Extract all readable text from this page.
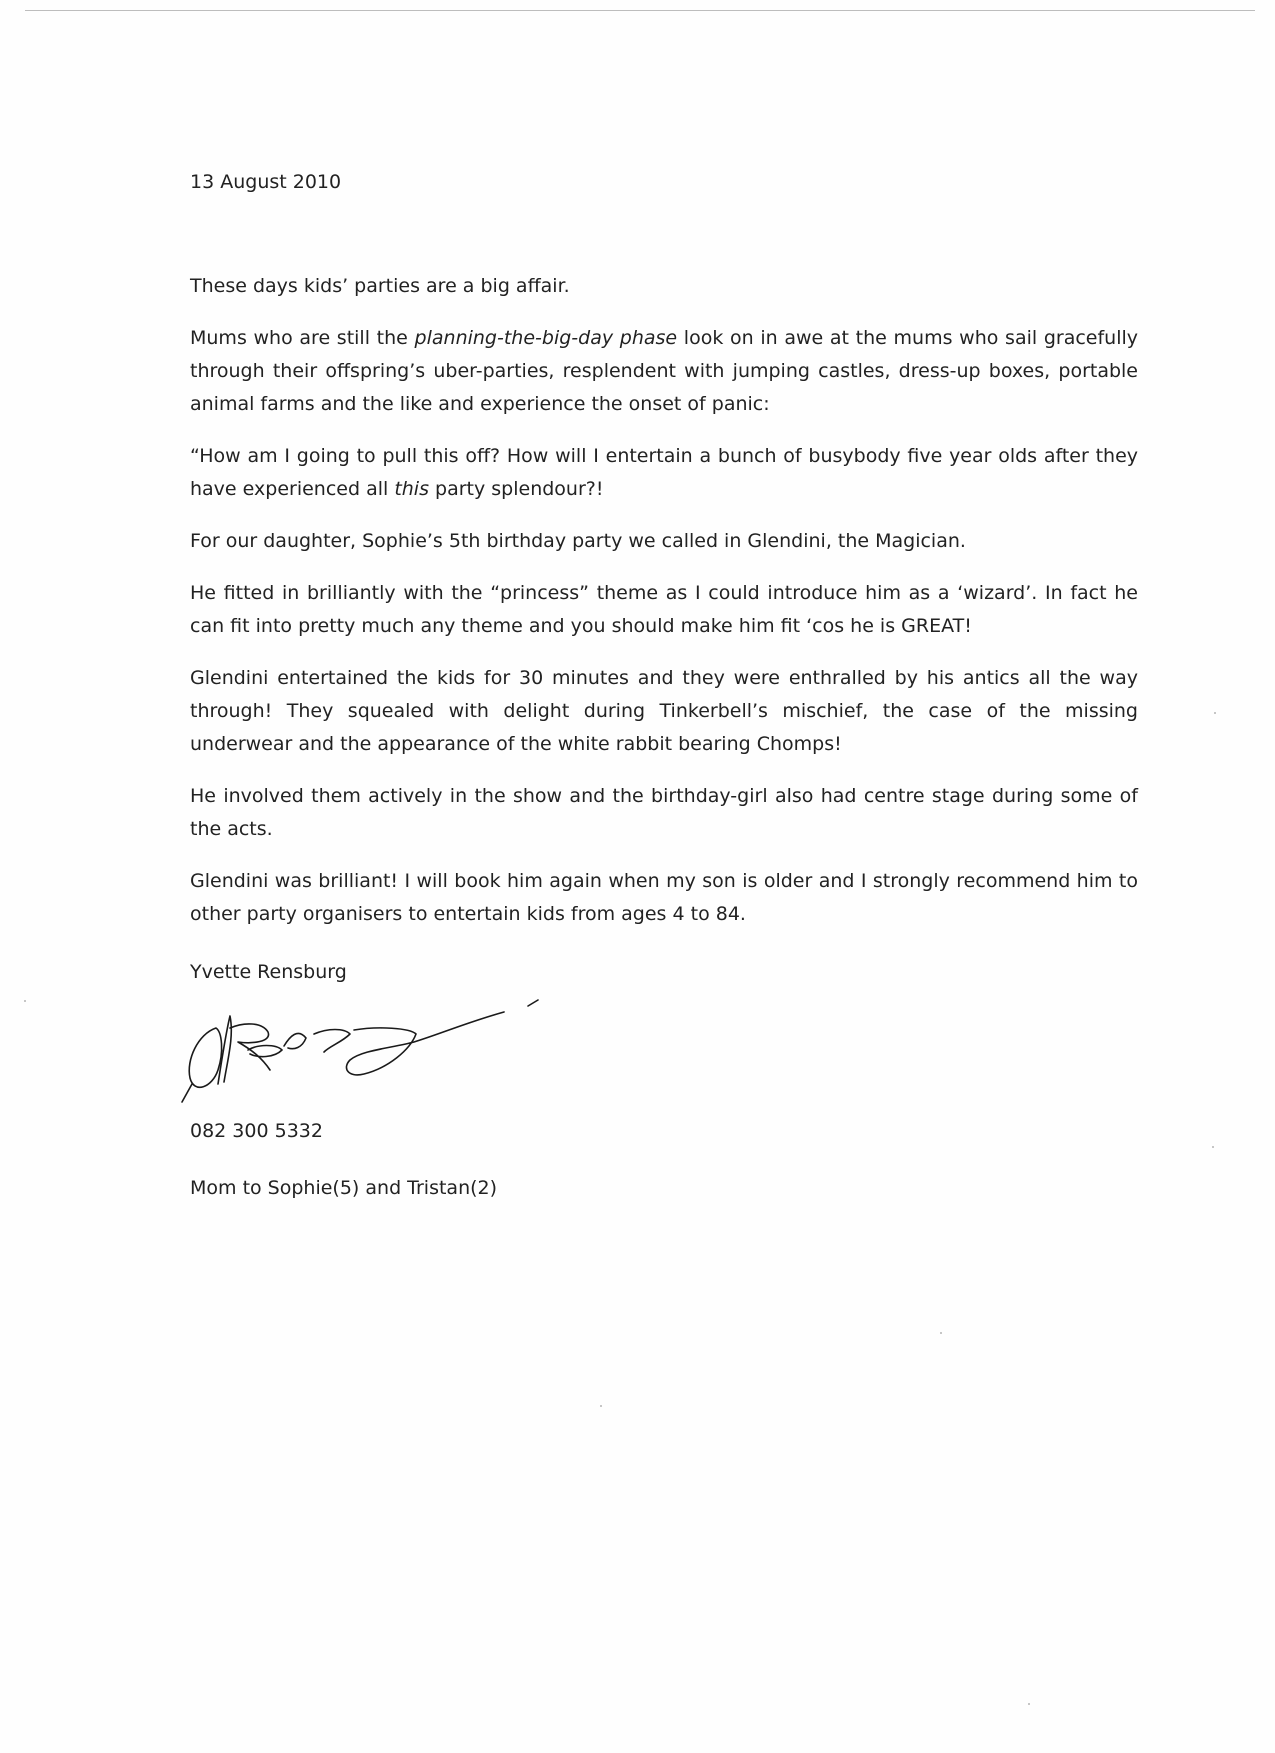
13 August 2010

These days kids’ parties are a big affair.

Mums who are still the planning-the-big-day phase look on in awe at the mums who sail gracefully through their offspring’s uber-parties, resplendent with jumping castles, dress-up boxes, portable animal farms and the like and experience the onset of panic:

“How am I going to pull this off? How will I entertain a bunch of busybody five year olds after they have experienced all this party splendour?!

For our daughter, Sophie’s 5th birthday party we called in Glendini, the Magician.

He fitted in brilliantly with the “princess” theme as I could introduce him as a ‘wizard’. In fact he can fit into pretty much any theme and you should make him fit ‘cos he is GREAT!

Glendini entertained the kids for 30 minutes and they were enthralled by his antics all the way through! They squealed with delight during Tinkerbell’s mischief, the case of the missing underwear and the appearance of the white rabbit bearing Chomps!

He involved them actively in the show and the birthday-girl also had centre stage during some of the acts.

Glendini was brilliant! I will book him again when my son is older and I strongly recommend him to other party organisers to entertain kids from ages 4 to 84.

Yvette Rensburg

082 300 5332

Mom to Sophie(5) and Tristan(2)
